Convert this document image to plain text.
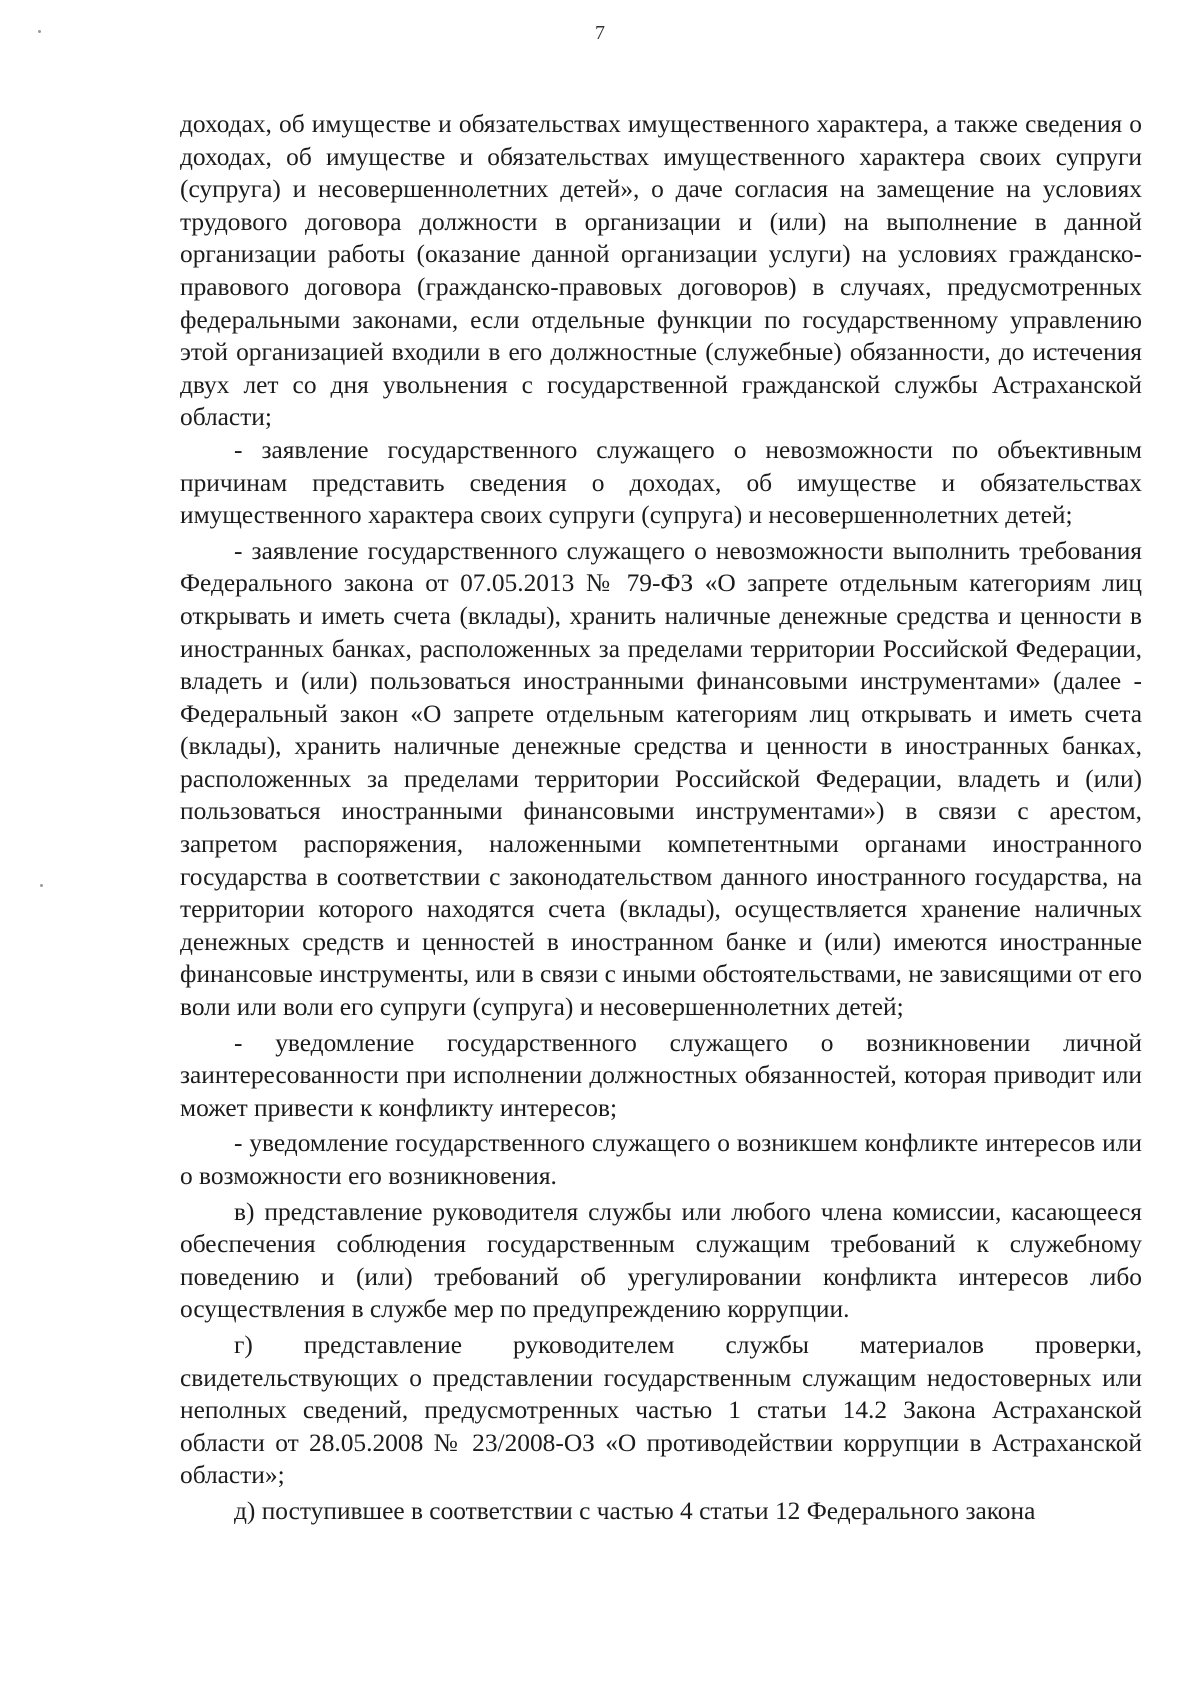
7

доходах, об имуществе и обязательствах имущественного характера, а также сведения о доходах, об имуществе и обязательствах имущественного характера своих супруги (супруга) и несовершеннолетних детей», о даче согласия на замещение на условиях трудового договора должности в организации и (или) на выполнение в данной организации работы (оказание данной организации услуги) на условиях гражданско-правового договора (гражданско-правовых договоров) в случаях, предусмотренных федеральными законами, если отдельные функции по государственному управлению этой организацией входили в его должностные (служебные) обязанности, до истечения двух лет со дня увольнения с государственной гражданской службы Астраханской области;

- заявление государственного служащего о невозможности по объективным причинам представить сведения о доходах, об имуществе и обязательствах имущественного характера своих супруги (супруга) и несовершеннолетних детей;

- заявление государственного служащего о невозможности выполнить требования Федерального закона от 07.05.2013 № 79-ФЗ «О запрете отдельным категориям лиц открывать и иметь счета (вклады), хранить наличные денежные средства и ценности в иностранных банках, расположенных за пределами территории Российской Федерации, владеть и (или) пользоваться иностранными финансовыми инструментами» (далее - Федеральный закон «О запрете отдельным категориям лиц открывать и иметь счета (вклады), хранить наличные денежные средства и ценности в иностранных банках, расположенных за пределами территории Российской Федерации, владеть и (или) пользоваться иностранными финансовыми инструментами») в связи с арестом, запретом распоряжения, наложенными компетентными органами иностранного государства в соответствии с законодательством данного иностранного государства, на территории которого находятся счета (вклады), осуществляется хранение наличных денежных средств и ценностей в иностранном банке и (или) имеются иностранные финансовые инструменты, или в связи с иными обстоятельствами, не зависящими от его воли или воли его супруги (супруга) и несовершеннолетних детей;

- уведомление государственного служащего о возникновении личной заинтересованности при исполнении должностных обязанностей, которая приводит или может привести к конфликту интересов;

- уведомление государственного служащего о возникшем конфликте интересов или о возможности его возникновения.

в) представление руководителя службы или любого члена комиссии, касающееся обеспечения соблюдения государственным служащим требований к служебному поведению и (или) требований об урегулировании конфликта интересов либо осуществления в службе мер по предупреждению коррупции.

г) представление руководителем службы материалов проверки, свидетельствующих о представлении государственным служащим недостоверных или неполных сведений, предусмотренных частью 1 статьи 14.2 Закона Астраханской области от 28.05.2008 № 23/2008-ОЗ «О противодействии коррупции в Астраханской области»;

д) поступившее в соответствии с частью 4 статьи 12 Федерального закона
